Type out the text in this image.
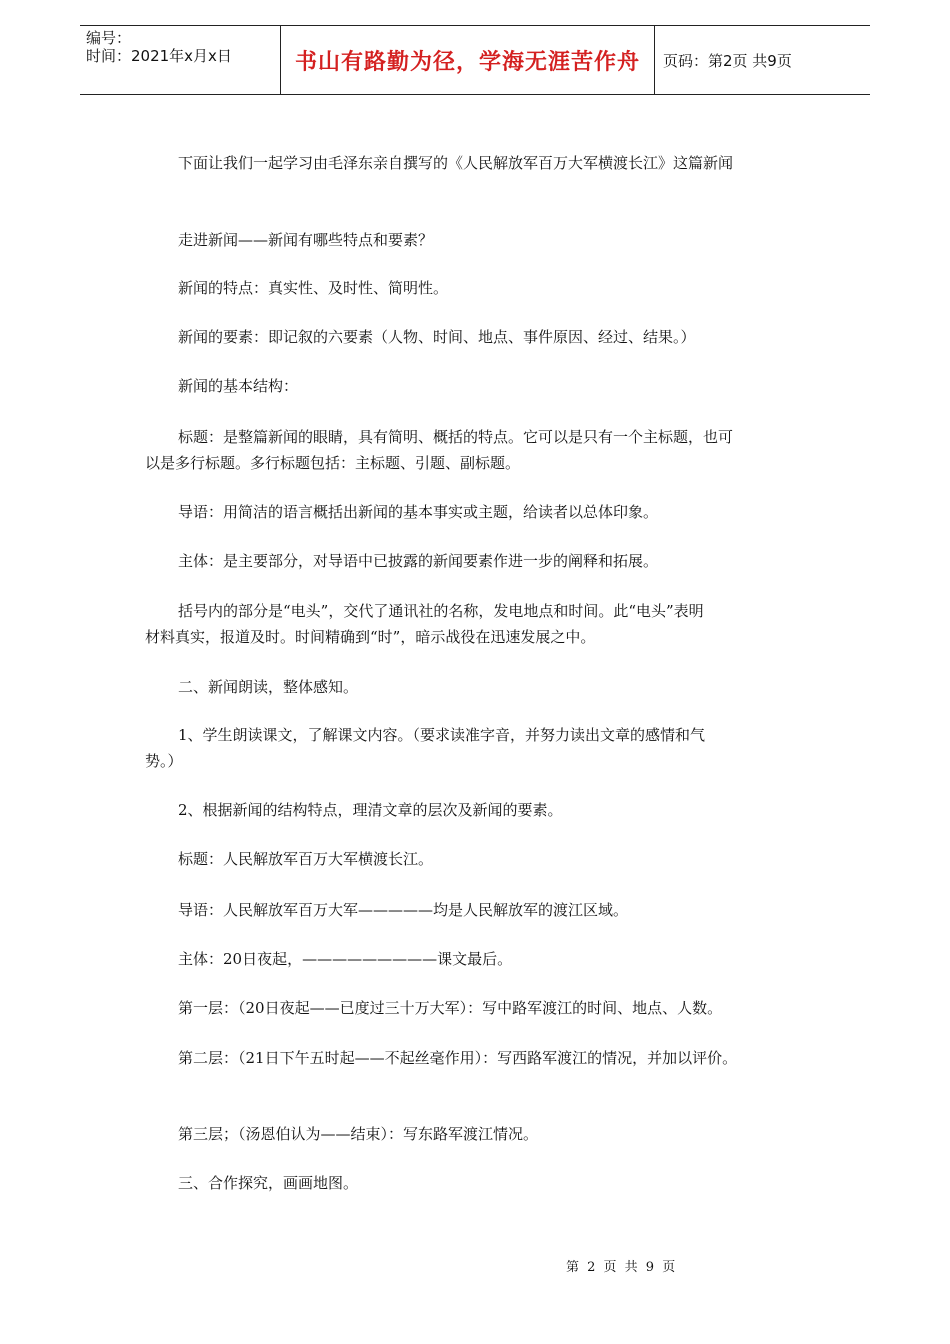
编号：
时间：2021年x月x日	书山有路勤为径，学海无涯苦作舟	页码：第2页 共9页
下面让我们一起学习由毛泽东亲自撰写的《人民解放军百万大军横渡长江》这篇新闻
走进新闻——新闻有哪些特点和要素？
新闻的特点：真实性、及时性、简明性。
新闻的要素：即记叙的六要素（人物、时间、地点、事件原因、经过、结果。）
新闻的基本结构：
标题：是整篇新闻的眼睛，具有简明、概括的特点。它可以是只有一个主标题，也可
以是多行标题。多行标题包括：主标题、引题、副标题。
导语：用简洁的语言概括出新闻的基本事实或主题，给读者以总体印象。
主体：是主要部分，对导语中已披露的新闻要素作进一步的阐释和拓展。
括号内的部分是“电头”，交代了通讯社的名称，发电地点和时间。此“电头”表明
材料真实，报道及时。时间精确到“时”，暗示战役在迅速发展之中。
二、新闻朗读，整体感知。
1、学生朗读课文，了解课文内容。（要求读准字音，并努力读出文章的感情和气
势。）
2、根据新闻的结构特点，理清文章的层次及新闻的要素。
标题：人民解放军百万大军横渡长江。
导语：人民解放军百万大军—————均是人民解放军的渡江区域。
主体：20日夜起，—————————课文最后。
第一层：（20日夜起——已度过三十万大军）：写中路军渡江的时间、地点、人数。
第二层：（21日下午五时起——不起丝毫作用）：写西路军渡江的情况，并加以评价。
第三层；（汤恩伯认为——结束）：写东路军渡江情况。
三、合作探究，画画地图。
第 2 页 共 9 页
